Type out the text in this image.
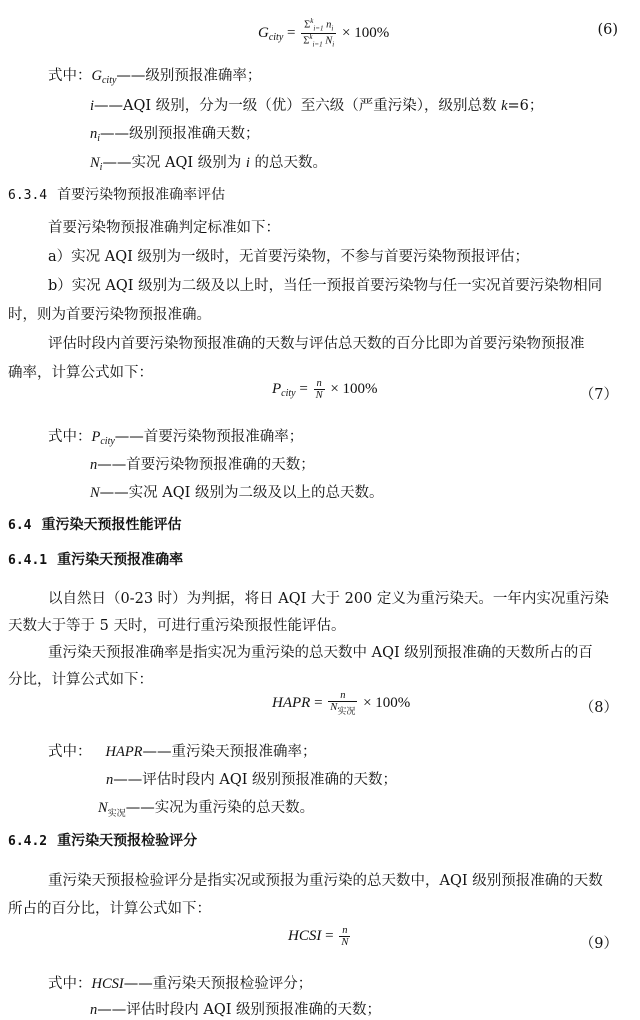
$G_{city} = \frac{\Sigma^k_{i=1} n_i}{\Sigma^k_{i=1} N_i} \times 100\%$	(6)
式中：$G_{city}——$级别预报准确率；
i——AQI 级别，分为一级（优）至六级（严重污染），级别总数 k=6；
$n_i——$级别预报准确天数；
$N_i——$实况 AQI 级别为 i 的总天数。
6.3.4 首要污染物预报准确率评估
首要污染物预报准确判定标准如下：
a）实况 AQI 级别为一级时，无首要污染物，不参与首要污染物预报评估；
b）实况 AQI 级别为二级及以上时，当任一预报首要污染物与任一实况首要污染物相同
时，则为首要污染物预报准确。
评估时段内首要污染物预报准确的天数与评估总天数的百分比即为首要污染物预报准
确率，计算公式如下：
$P_{city} = \frac{n}{N} \times 100\%$	（7）
式中：$P_{city}——$首要污染物预报准确率；
n——首要污染物预报准确的天数；
N——实况 AQI 级别为二级及以上的总天数。
6.4 重污染天预报性能评估
6.4.1 重污染天预报准确率
以自然日（0-23 时）为判据，将日 AQI 大于 200 定义为重污染天。一年内实况重污染
天数大于等于 5 天时，可进行重污染预报性能评估。
重污染天预报准确率是指实况为重污染的总天数中 AQI 级别预报准确的天数所占的百
分比，计算公式如下：
HAPR = $\frac{n}{\text{N实况}} \times 100\%$	（8）
式中： HAPR——重污染天预报准确率；
n——评估时段内 AQI 级别预报准确的天数；
$N_{实况}——$实况为重污染的总天数。
6.4.2 重污染天预报检验评分
重污染天预报检验评分是指实况或预报为重污染的总天数中，AQI 级别预报准确的天数
所占的百分比，计算公式如下：
HCSI = $\frac{n}{N}$	（9）
式中：HCSI——重污染天预报检验评分；
n——评估时段内 AQI 级别预报准确的天数；
